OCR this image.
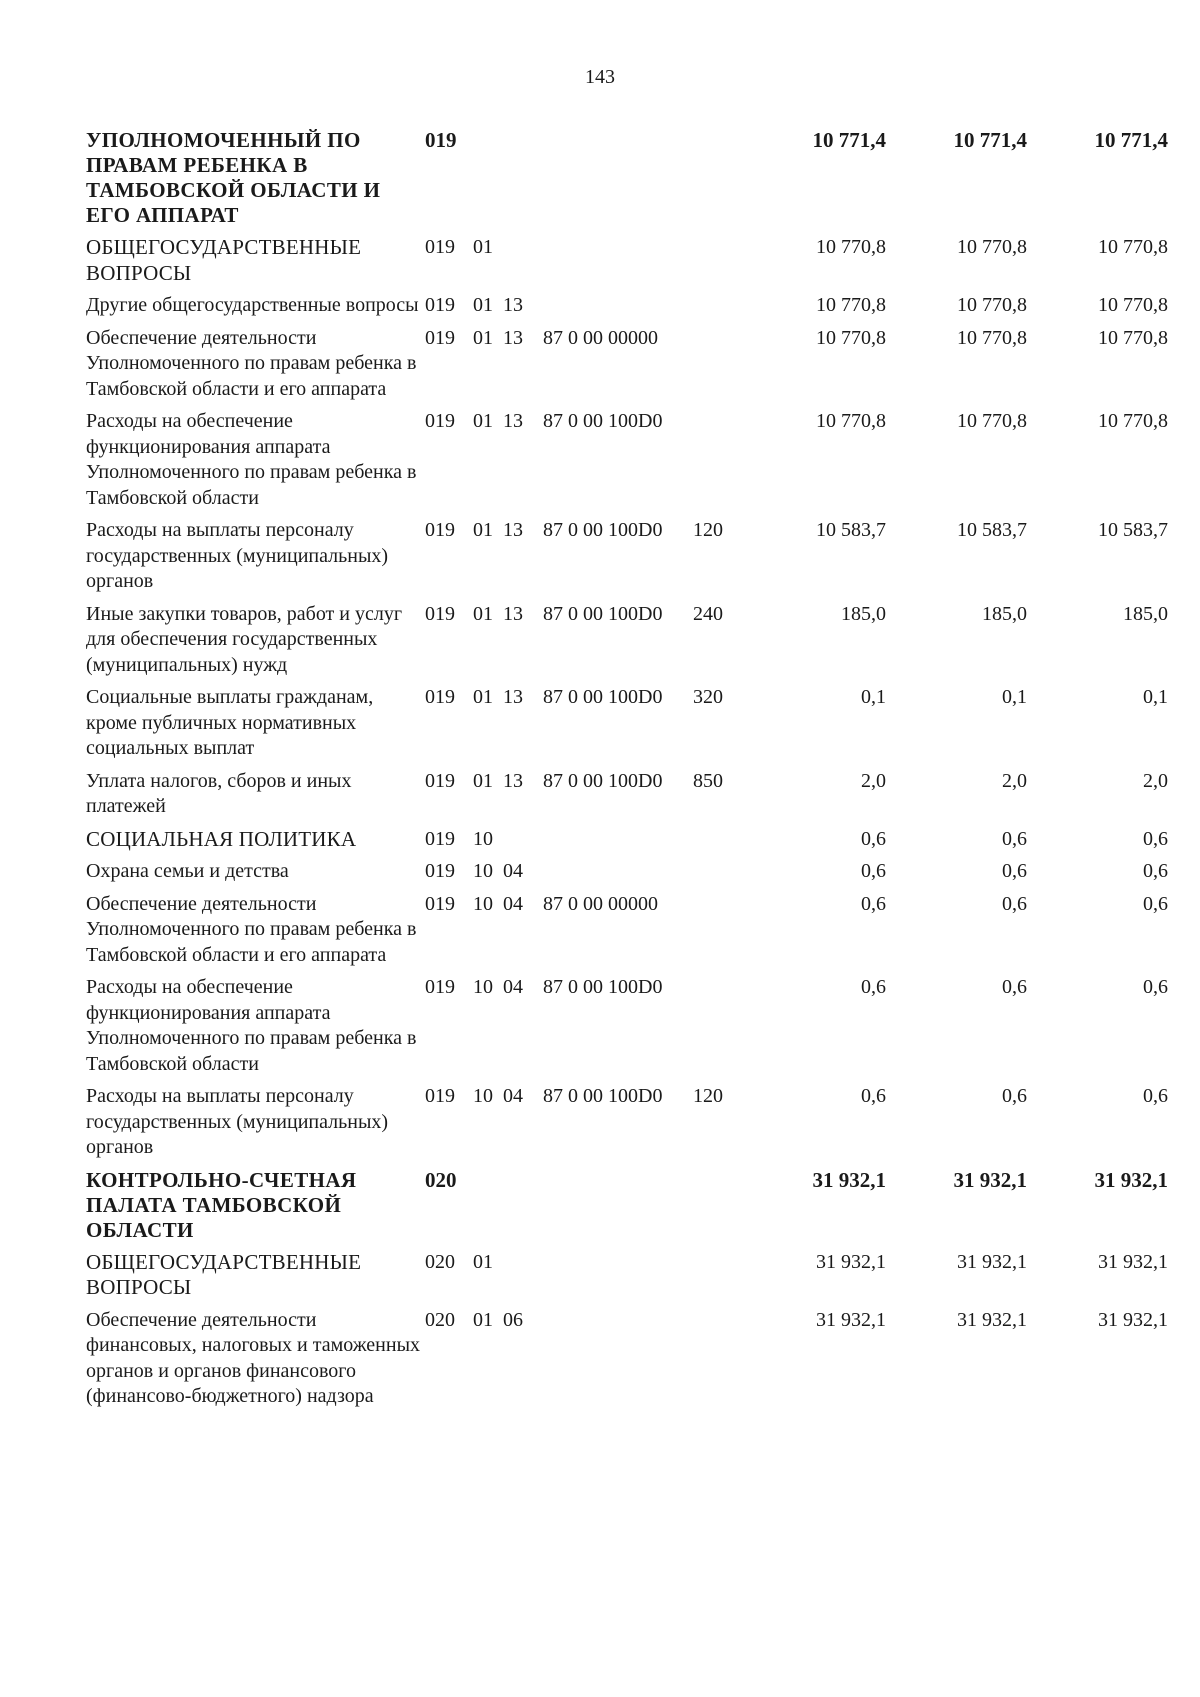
143
УПОЛНОМОЧЕННЫЙ ПО ПРАВАМ РЕБЕНКА В ТАМБОВСКОЙ ОБЛАСТИ И ЕГО АППАРАТ	019					10 771,4	10 771,4	10 771,4
ОБЩЕГОСУДАРСТВЕННЫЕ ВОПРОСЫ	019	01				10 770,8	10 770,8	10 770,8
Другие общегосударственные вопросы	019	01	13			10 770,8	10 770,8	10 770,8
Обеспечение деятельности Уполномоченного по правам ребенка в Тамбовской области и его аппарата	019	01	13	87 0 00 00000		10 770,8	10 770,8	10 770,8
Расходы на обеспечение функционирования аппарата Уполномоченного по правам ребенка в Тамбовской области	019	01	13	87 0 00 100D0		10 770,8	10 770,8	10 770,8
Расходы на выплаты персоналу государственных (муниципальных) органов	019	01	13	87 0 00 100D0	120	10 583,7	10 583,7	10 583,7
Иные закупки товаров, работ и услуг для обеспечения государственных (муниципальных) нужд	019	01	13	87 0 00 100D0	240	185,0	185,0	185,0
Социальные выплаты гражданам, кроме публичных нормативных социальных выплат	019	01	13	87 0 00 100D0	320	0,1	0,1	0,1
Уплата налогов, сборов и иных платежей	019	01	13	87 0 00 100D0	850	2,0	2,0	2,0
СОЦИАЛЬНАЯ ПОЛИТИКА	019	10				0,6	0,6	0,6
Охрана семьи и детства	019	10	04			0,6	0,6	0,6
Обеспечение деятельности Уполномоченного по правам ребенка в Тамбовской области и его аппарата	019	10	04	87 0 00 00000		0,6	0,6	0,6
Расходы на обеспечение функционирования аппарата Уполномоченного по правам ребенка в Тамбовской области	019	10	04	87 0 00 100D0		0,6	0,6	0,6
Расходы на выплаты персоналу государственных (муниципальных) органов	019	10	04	87 0 00 100D0	120	0,6	0,6	0,6
КОНТРОЛЬНО-СЧЕТНАЯ ПАЛАТА ТАМБОВСКОЙ ОБЛАСТИ	020					31 932,1	31 932,1	31 932,1
ОБЩЕГОСУДАРСТВЕННЫЕ ВОПРОСЫ	020	01				31 932,1	31 932,1	31 932,1
Обеспечение деятельности финансовых, налоговых и таможенных органов и органов финансового (финансово-бюджетного) надзора	020	01	06			31 932,1	31 932,1	31 932,1
